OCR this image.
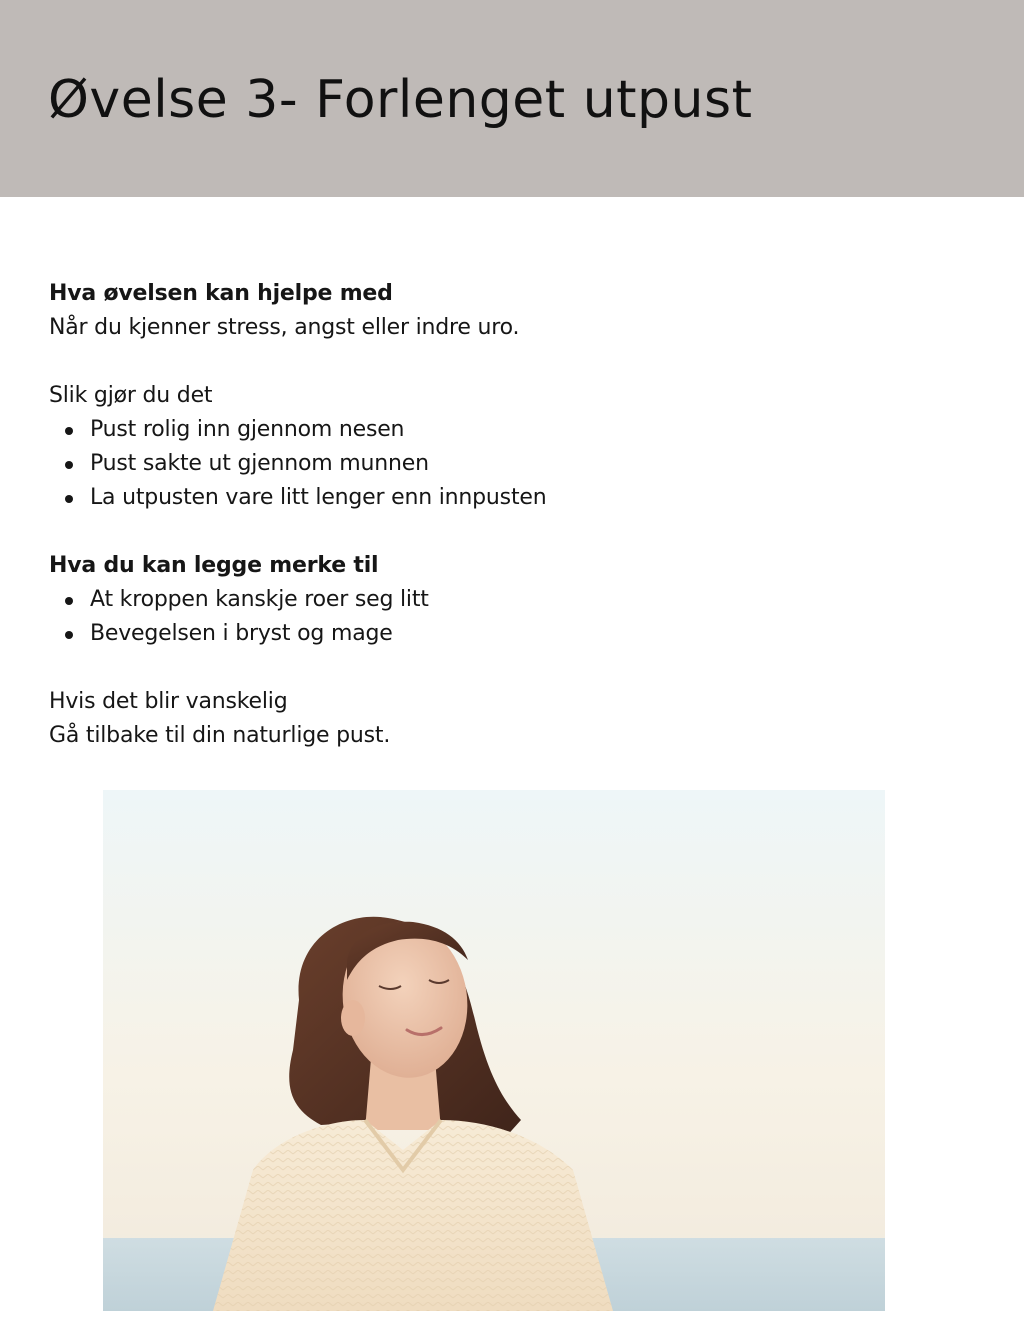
Øvelse 3- Forlenget utpust
Hva øvelsen kan hjelpe med
Når du kjenner stress, angst eller indre uro.
Slik gjør du det
Pust rolig inn gjennom nesen
Pust sakte ut gjennom munnen
La utpusten vare litt lenger enn innpusten
Hva du kan legge merke til
At kroppen kanskje roer seg litt
Bevegelsen i bryst og mage
Hvis det blir vanskelig
Gå tilbake til din naturlige pust.
